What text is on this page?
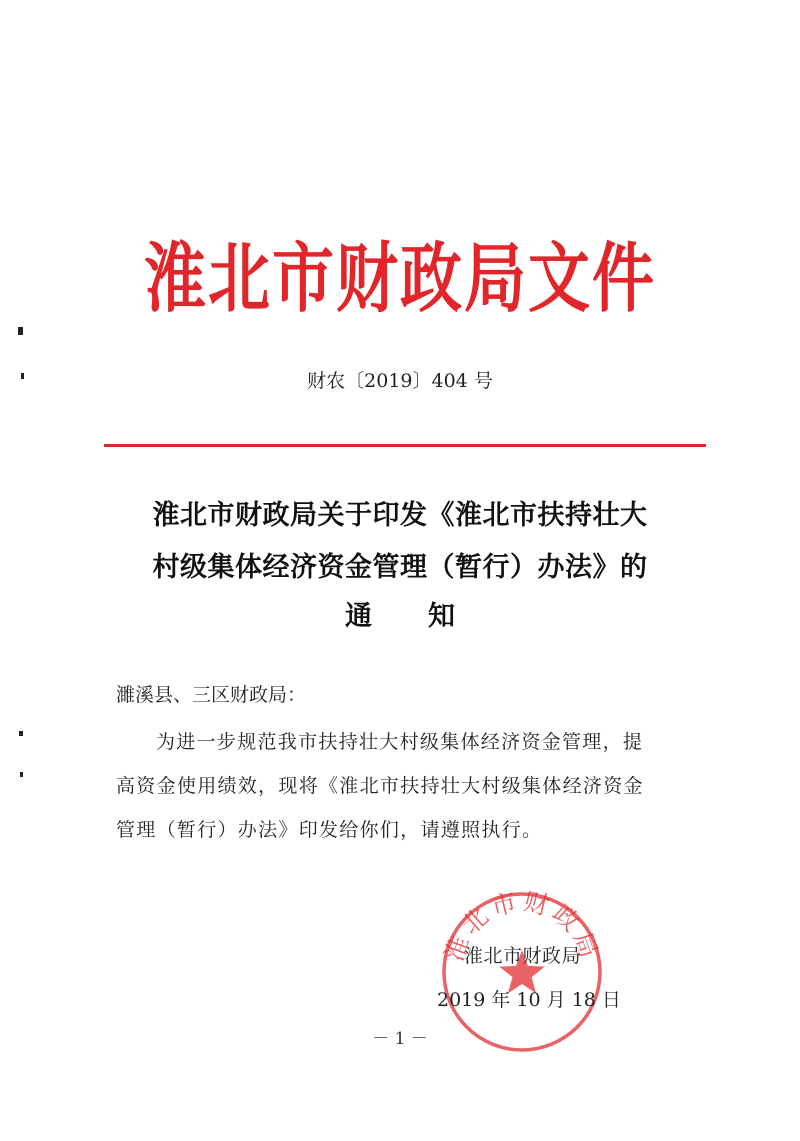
淮北市财政局文件
财农〔2019〕404 号
淮北市财政局关于印发《淮北市扶持壮大
村级集体经济资金管理（暂行）办法》的
通 知
濉溪县、三区财政局：
为进一步规范我市扶持壮大村级集体经济资金管理，提
高资金使用绩效，现将《淮北市扶持壮大村级集体经济资金
管理（暂行）办法》印发给你们，请遵照执行。
淮北市财政局
淮北市财政局
2019 年 10 月 18 日
－ 1 －
